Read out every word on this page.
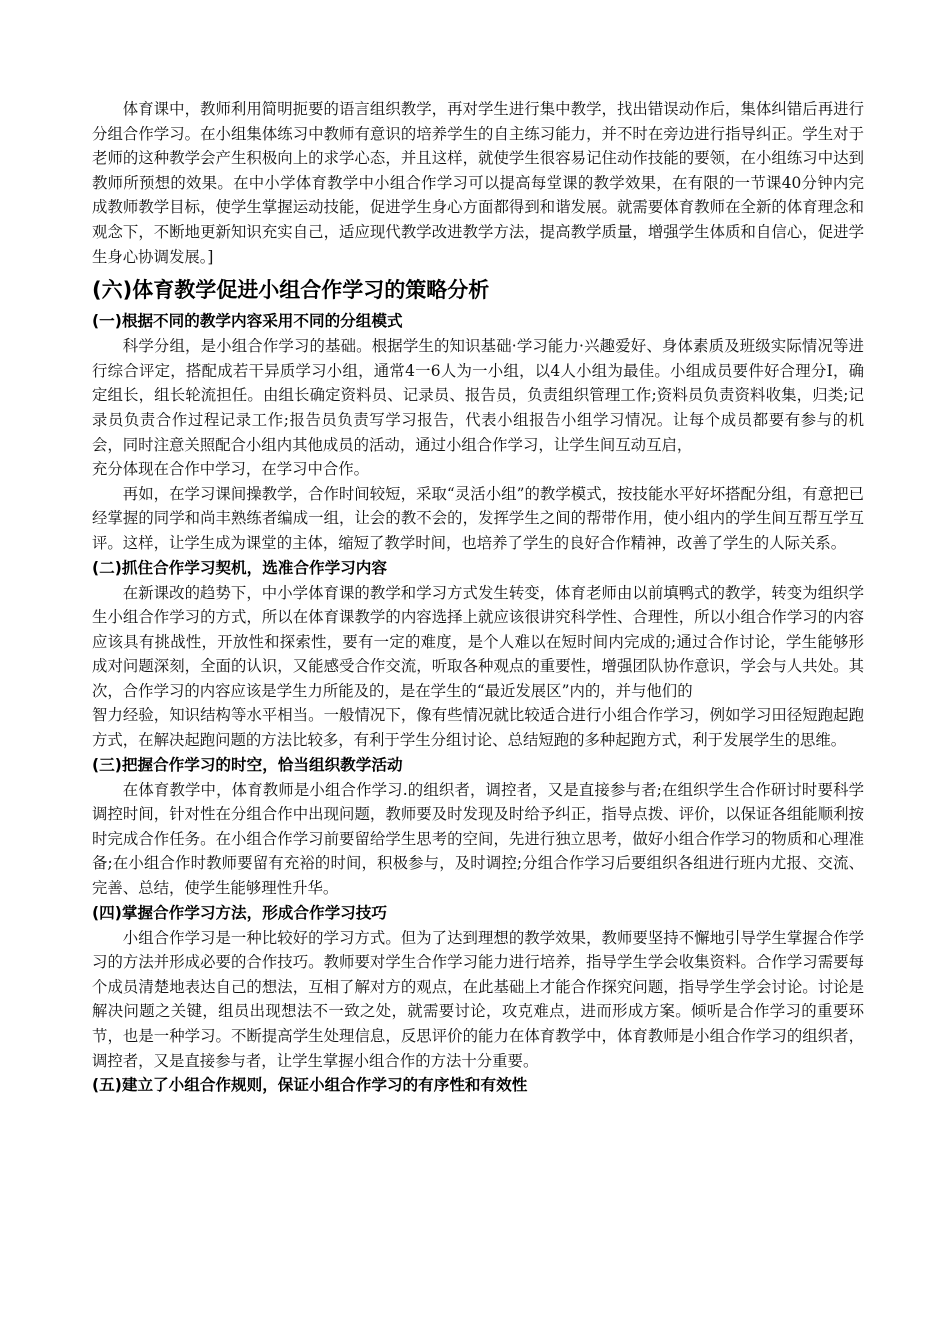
体育课中，教师利用简明扼要的语言组织教学，再对学生进行集中教学，找出错误动作后，集体纠错后再进行分组合作学习。在小组集体练习中教师有意识的培养学生的自主练习能力，并不时在旁边进行指导纠正。学生对于老师的这种教学会产生积极向上的求学心态，并且这样，就使学生很容易记住动作技能的要领，在小组练习中达到教师所预想的效果。在中小学体育教学中小组合作学习可以提高每堂课的教学效果，在有限的一节课40分钟内完成教师教学目标，使学生掌握运动技能，促进学生身心方面都得到和谐发展。就需要体育教师在全新的体育理念和观念下，不断地更新知识充实自己，适应现代教学改进教学方法，提高教学质量，增强学生体质和自信心，促进学生身心协调发展。]

(六)体育教学促进小组合作学习的策略分析
(一)根据不同的教学内容采用不同的分组模式

科学分组，是小组合作学习的基础。根据学生的知识基础·学习能力·兴趣爱好、身体素质及班级实际情况等进行综合评定，搭配成若干异质学习小组，通常4一6人为一小组，以4人小组为最佳。小组成员要件好合理分I，确定组长，组长轮流担任。由组长确定资料员、记录员、报告员，负责组织管理工作;资料员负责资料收集，归类;记录员负责合作过程记录工作;报告员负责写学习报告，代表小组报告小组学习情况。让每个成员都要有参与的机会，同时注意关照配合小组内其他成员的活动，通过小组合作学习，让学生间互动互启，

充分体现在合作中学习，在学习中合作。

再如，在学习课间操教学，合作时间较短，采取“灵活小组”的教学模式，按技能水平好坏搭配分组，有意把已经掌握的同学和尚丰熟练者编成一组，让会的教不会的，发挥学生之间的帮带作用，使小组内的学生间互帮互学互评。这样，让学生成为课堂的主体，缩短了教学时间，也培养了学生的良好合作精神，改善了学生的人际关系。

(二)抓住合作学习契机，选准合作学习内容

在新课改的趋势下，中小学体育课的教学和学习方式发生转变，体育老师由以前填鸭式的教学，转变为组织学生小组合作学习的方式，所以在体育课教学的内容选择上就应该很讲究科学性、合理性，所以小组合作学习的内容应该具有挑战性，开放性和探索性，要有一定的难度，是个人难以在短时间内完成的;通过合作讨论，学生能够形成对问题深刻，全面的认识，又能感受合作交流，听取各种观点的重要性，增强团队协作意识，学会与人共处。其次，合作学习的内容应该是学生力所能及的，是在学生的“最近发展区”内的，并与他们的

智力经验，知识结构等水平相当。一般情况下，像有些情况就比较适合进行小组合作学习，例如学习田径短跑起跑方式，在解决起跑问题的方法比较多，有利于学生分组讨论、总结短跑的多种起跑方式，利于发展学生的思维。

(三)把握合作学习的时空，恰当组织教学活动

在体育教学中，体育教师是小组合作学习.的组织者，调控者，又是直接参与者;在组织学生合作研讨时要科学调控时间，针对性在分组合作中出现问题，教师要及时发现及时给予纠正，指导点拨、评价，以保证各组能顺利按时完成合作任务。在小组合作学习前要留给学生思考的空间，先进行独立思考，做好小组合作学习的物质和心理准备;在小组合作时教师要留有充裕的时间，积极参与，及时调控;分组合作学习后要组织各组进行班内尤报、交流、完善、总结，使学生能够理性升华。

(四)掌握合作学习方法，形成合作学习技巧

小组合作学习是一种比较好的学习方式。但为了达到理想的教学效果，教师要坚持不懈地引导学生掌握合作学习的方法并形成必要的合作技巧。教师要对学生合作学习能力进行培养，指导学生学会收集资料。合作学习需要每个成员清楚地表达自己的想法，互相了解对方的观点，在此基础上才能合作探究问题，指导学生学会讨论。讨论是解决问题之关键，组员出现想法不一致之处，就需要讨论，攻克难点，进而形成方案。倾听是合作学习的重要环节，也是一种学习。不断提高学生处理信息，反思评价的能力在体育教学中，体育教师是小组合作学习的组织者，调控者，又是直接参与者，让学生掌握小组合作的方法十分重要。

(五)建立了小组合作规则，保证小组合作学习的有序性和有效性
